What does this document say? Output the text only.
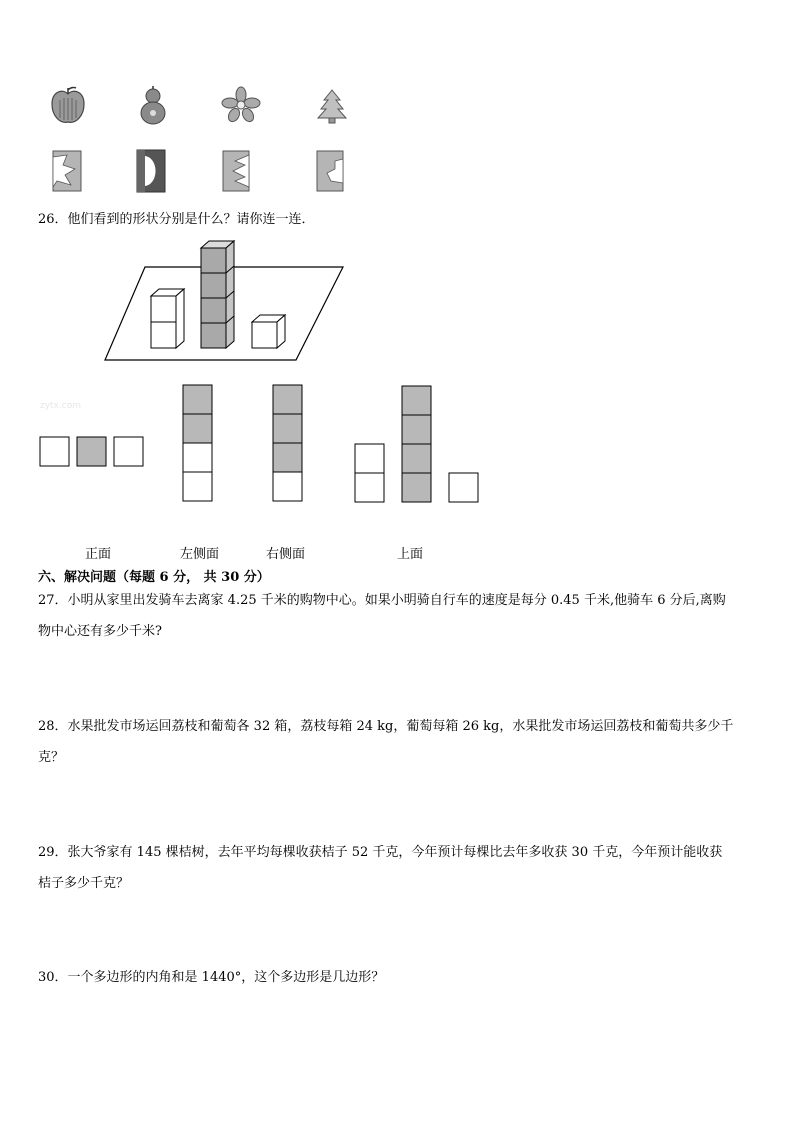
26．他们看到的形状分别是什么？请你连一连．
zytx.com
正面	左侧面	右侧面	上面
六、解决问题（每题 6 分， 共 30 分）
27．小明从家里出发骑车去离家 4.25 千米的购物中心。如果小明骑自行车的速度是每分 0.45 千米,他骑车 6 分后,离购
物中心还有多少千米?
28．水果批发市场运回荔枝和葡萄各 32 箱，荔枝每箱 24 kg，葡萄每箱 26 kg，水果批发市场运回荔枝和葡萄共多少千
克？
29．张大爷家有 145 棵桔树，去年平均每棵收获桔子 52 千克，今年预计每棵比去年多收获 30 千克，今年预计能收获
桔子多少千克？
30．一个多边形的内角和是 1440°，这个多边形是几边形？
